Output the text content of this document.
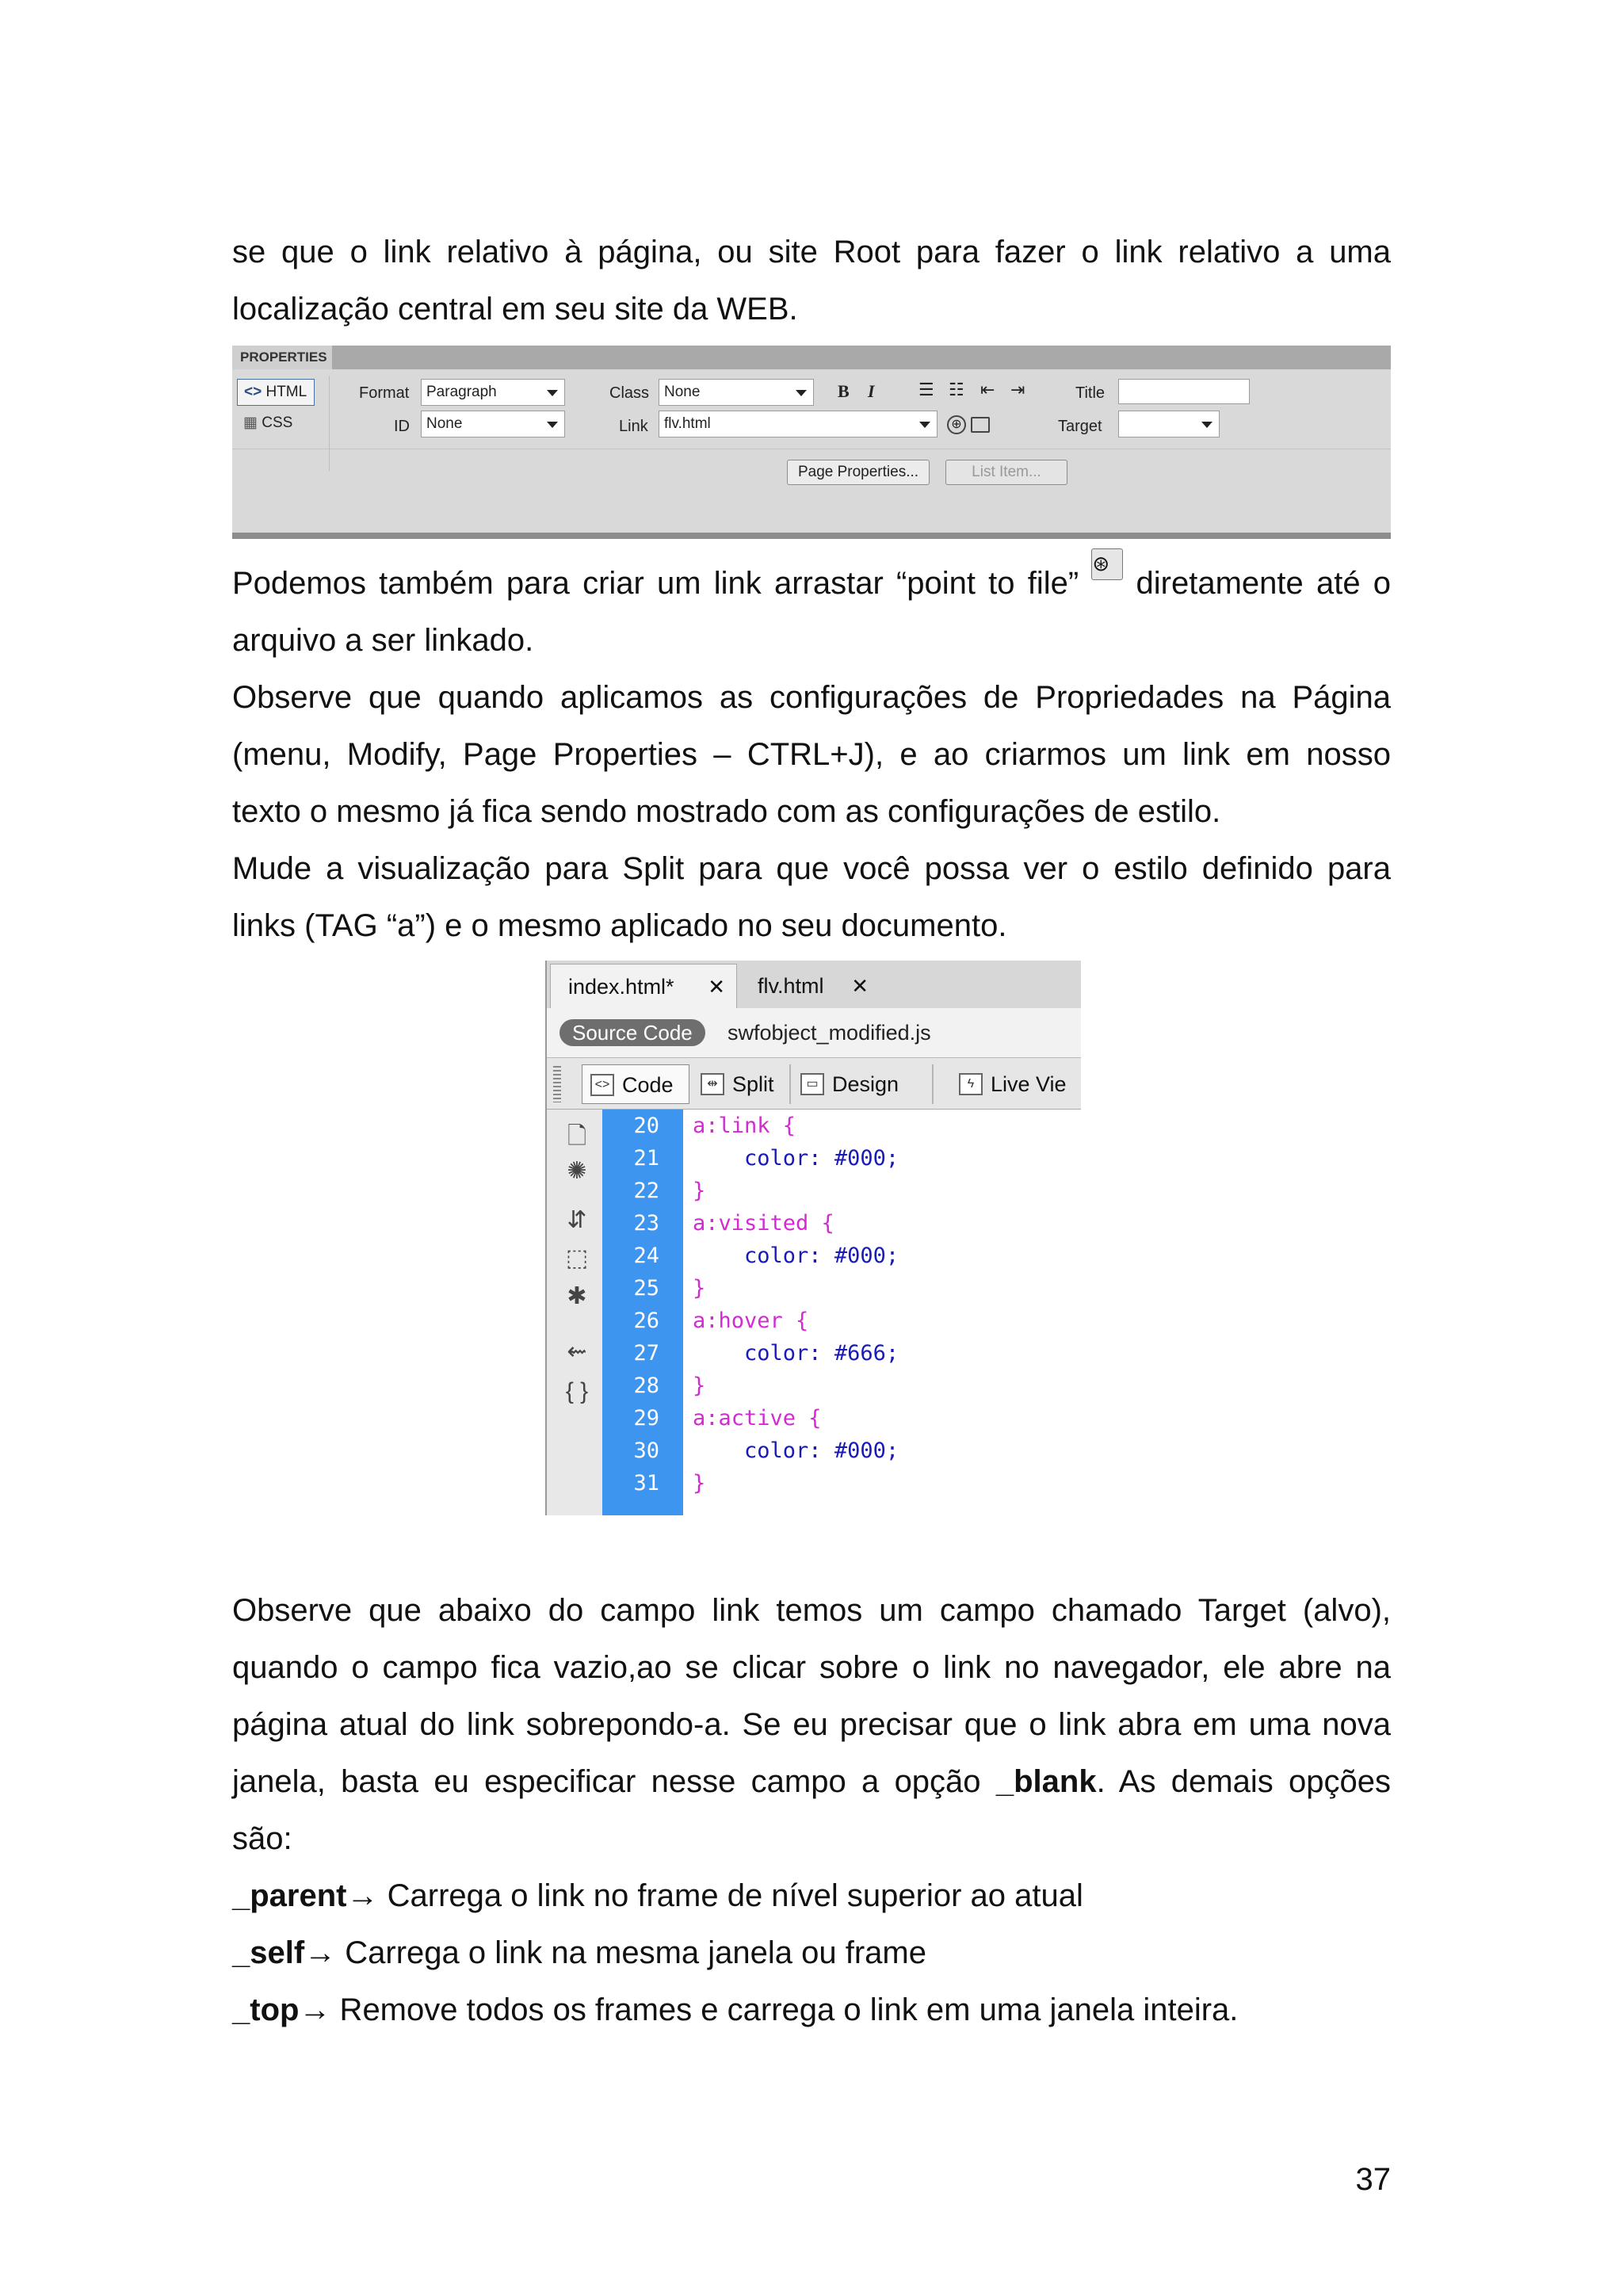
se que o link relativo à página, ou site Root para fazer o link relativo a uma
localização central em seu site da WEB.
PROPERTIES
<> HTML
▦ CSS
Format	Paragraph
ID	None
Class None
Link	flv.html	⊕
B I	☰ ☷ ⇤ ⇥	Title
Target
Page Properties...	List Item...
Podemos também para criar um link arrastar “point to file” ⊛ diretamente até o
arquivo a ser linkado.
Observe que quando aplicamos as configurações de Propriedades na Página
(menu, Modify, Page Properties – CTRL+J), e ao criarmos um link em nosso
texto o mesmo já fica sendo mostrado com as configurações de estilo.
Mude a visualização para Split para que você possa ver o estilo definido para
links (TAG “a”) e o mesmo aplicado no seu documento.
index.html* ✕	flv.html ✕
Source Code	swfobject_modified.js
<> Code	⇹ Split	▭ Design	ϟ Live Vie
🗋
✺
⇵
⬚
✱
⇜
{ }
20
21
22
23
24
25
26
27
28
29
30
31
a:link {
color: #000;
}
a:visited {
color: #000;
}
a:hover {
color: #666;
}
a:active {
color: #000;
}
Observe que abaixo do campo link temos um campo chamado Target (alvo),
quando o campo fica vazio,ao se clicar sobre o link no navegador, ele abre na
página atual do link sobrepondo-a. Se eu precisar que o link abra em uma nova
janela, basta eu especificar nesse campo a opção _blank. As demais opções
são:
_parent→ Carrega o link no frame de nível superior ao atual
_self→ Carrega o link na mesma janela ou frame
_top→ Remove todos os frames e carrega o link em uma janela inteira.
37
